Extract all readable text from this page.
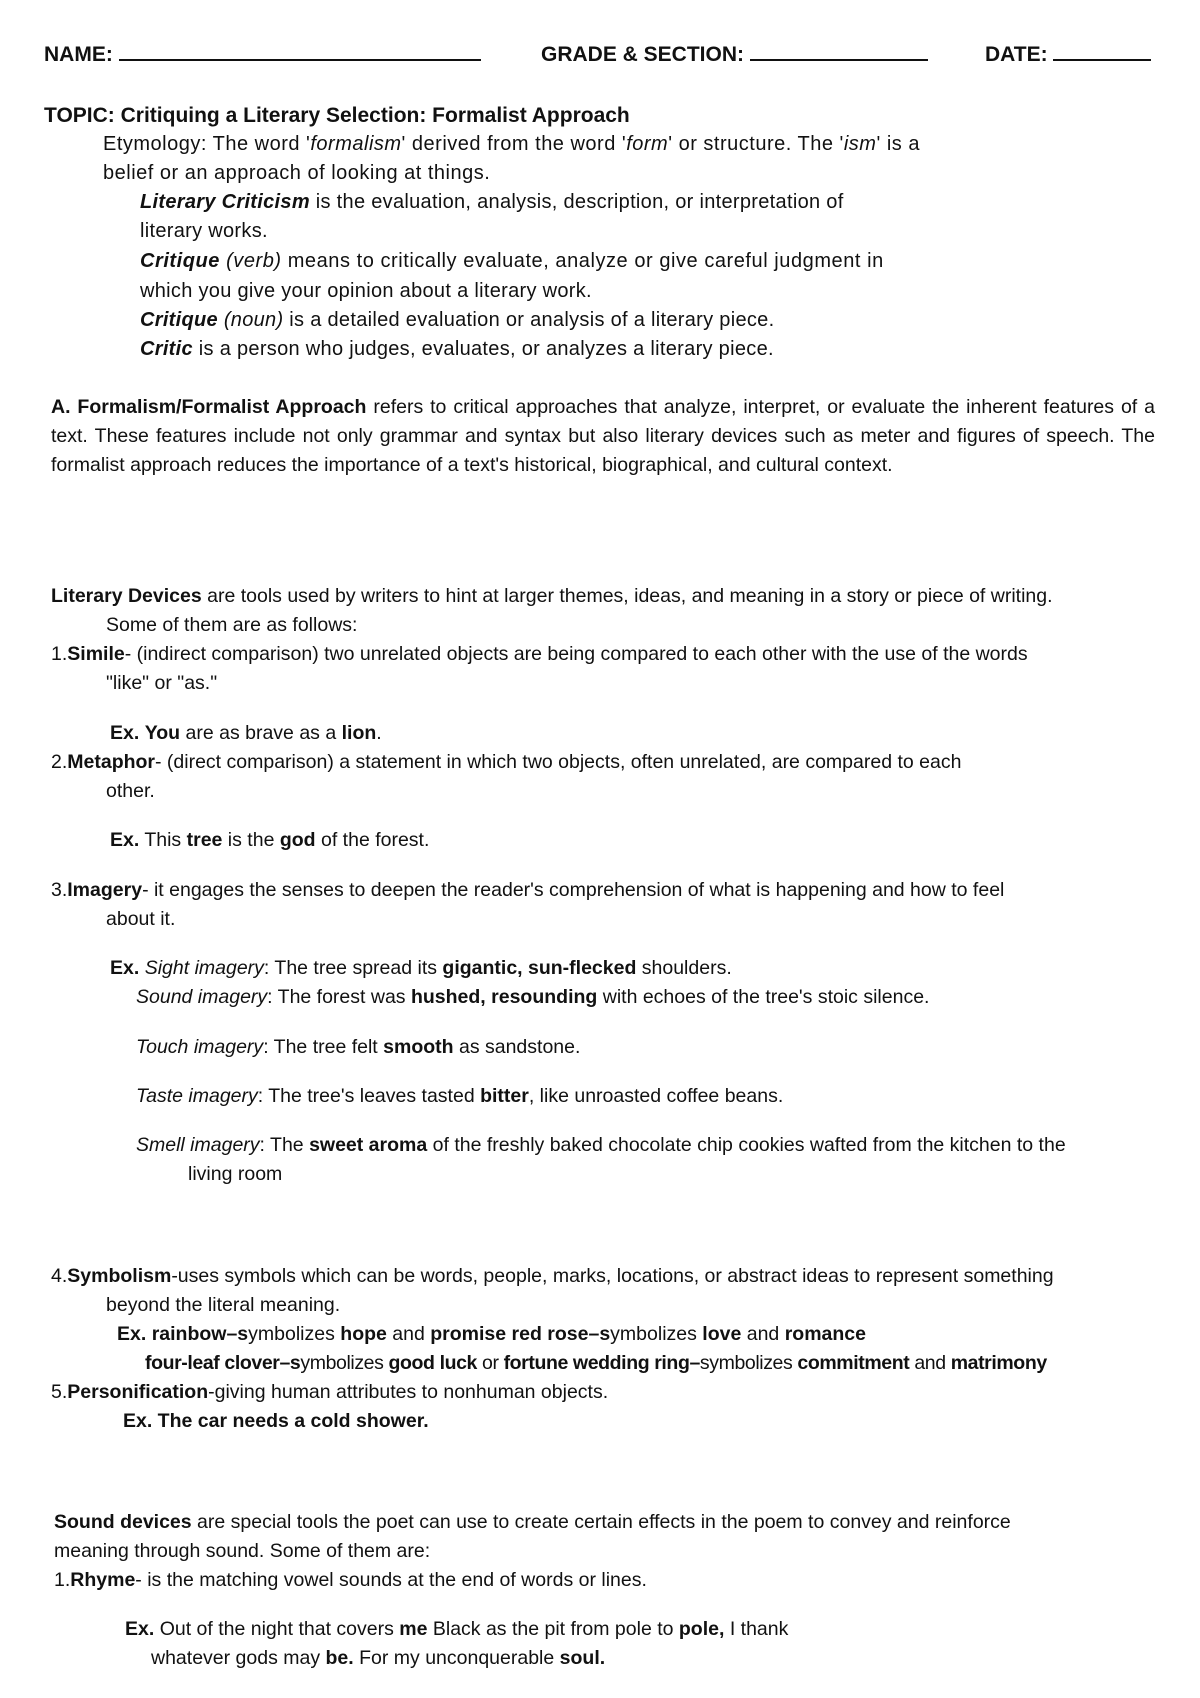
NAME:	GRADE & SECTION:	DATE:
TOPIC: Critiquing a Literary Selection: Formalist Approach
Etymology: The word 'formalism' derived from the word 'form' or structure. The 'ism' is a
belief or an approach of looking at things.
Literary Criticism is the evaluation, analysis, description, or interpretation of
literary works.
Critique (verb) means to critically evaluate, analyze or give careful judgment in
which you give your opinion about a literary work.
Critique (noun) is a detailed evaluation or analysis of a literary piece.
Critic is a person who judges, evaluates, or analyzes a literary piece.
A. Formalism/Formalist Approach refers to critical approaches that analyze, interpret, or evaluate the inherent features of a text. These features include not only grammar and syntax but also literary devices such as meter and figures of speech. The formalist approach reduces the importance of a text's historical, biographical, and cultural context.
Literary Devices are tools used by writers to hint at larger themes, ideas, and meaning in a story or piece of writing.
Some of them are as follows:
1.Simile- (indirect comparison) two unrelated objects are being compared to each other with the use of the words
"like" or "as."
Ex. You are as brave as a lion.
2.Metaphor- (direct comparison) a statement in which two objects, often unrelated, are compared to each
other.
Ex. This tree is the god of the forest.
3.Imagery- it engages the senses to deepen the reader's comprehension of what is happening and how to feel
about it.
Ex. Sight imagery: The tree spread its gigantic, sun-flecked shoulders.
Sound imagery: The forest was hushed, resounding with echoes of the tree's stoic silence.
Touch imagery: The tree felt smooth as sandstone.
Taste imagery: The tree's leaves tasted bitter, like unroasted coffee beans.
Smell imagery: The sweet aroma of the freshly baked chocolate chip cookies wafted from the kitchen to the
living room
4.Symbolism-uses symbols which can be words, people, marks, locations, or abstract ideas to represent something
beyond the literal meaning.
Ex. rainbow–symbolizes hope and promise red rose–symbolizes love and romance
four-leaf clover–symbolizes good luck or fortune wedding ring–symbolizes commitment and matrimony
5.Personification-giving human attributes to nonhuman objects.
Ex. The car needs a cold shower.
Sound devices are special tools the poet can use to create certain effects in the poem to convey and reinforce
meaning through sound. Some of them are:
1.Rhyme- is the matching vowel sounds at the end of words or lines.
Ex. Out of the night that covers me Black as the pit from pole to pole, I thank
whatever gods may be. For my unconquerable soul.
